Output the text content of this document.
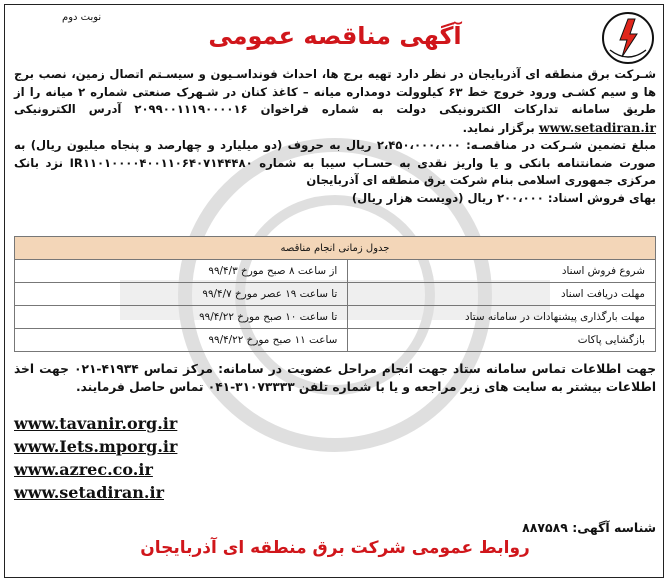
نوبت دوم
آگهی مناقصه عمومی

شـرکت برق منطقه ای آذربایجان در نظر دارد تهیه برج ها، احداث فونداسـیون و سیسـتم اتصال زمین، نصب برج ها و سیم کشـی ورود خروج خط ۶۳ کیلوولت دومداره میانه – کاغذ کنان در شـهرک صنعتی شماره ۲ میانه را از طریق سامانه تدارکات الکترونیکی دولت به شماره فراخوان ۲۰۹۹۰۰۱۱۱۹۰۰۰۰۱۶ آدرس الکترونیکی www.setadiran.ir برگزار نماید.

مبلغ تضمین شـرکت در مناقصـه: ۲،۴۵۰،۰۰۰،۰۰۰ ریال به حروف (دو میلیارد و چهارصد و پنجاه میلیون ریال) به صورت ضمانتنامه بانکی و یا واریز نقدی به حسـاب سیبا به شماره IR۱۱۰۱۰۰۰۰۴۰۰۱۱۰۶۴۰۷۱۴۴۴۸۰ نزد بانک مرکزی جمهوری اسلامی بنام شرکت برق منطقه ای آذربایجان

بهای فروش اسناد: ۲۰۰،۰۰۰ ریال (دویست هزار ریال)

جدول زمانی انجام مناقصه	
شروع فروش اسناد	از ساعت ۸ صبح مورخ ۹۹/۴/۳
مهلت دریافت اسناد	تا ساعت ۱۹ عصر مورخ ۹۹/۴/۷
مهلت بارگذاری پیشنهادات در سامانه ستاد	تا ساعت ۱۰ صبح مورخ ۹۹/۴/۲۲
بازگشایی پاکات	ساعت ۱۱ صبح مورخ ۹۹/۴/۲۲

جهت اطلاعات تماس سامانه ستاد جهت انجام مراحل عضویت در سامانه: مرکز تماس ۴۱۹۳۴-۰۲۱ جهت اخذ اطلاعات بیشتر به سایت های زیر مراجعه و یا با شماره تلفن ۳۱۰۷۳۳۳۳-۰۴۱ تماس حاصل فرمایند.

www.tavanir.org.ir
www.Iets.mporg.ir
www.azrec.co.ir
www.setadiran.ir
شناسه آگهی: ۸۸۷۵۸۹
روابط عمومی شرکت برق منطقه ای آذربایجان
